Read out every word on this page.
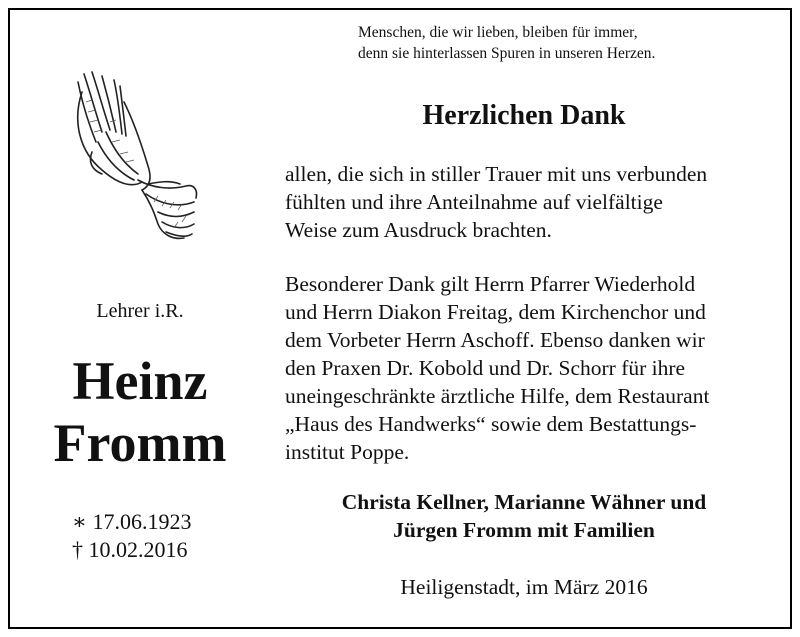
Menschen, die wir lieben, bleiben für immer,
denn sie hinterlassen Spuren in unseren Herzen.
Lehrer i.R.
Heinz
Fromm
∗ 17.06.1923
† 10.02.2016
Herzlichen Dank
allen, die sich in stiller Trauer mit uns verbunden
fühlten und ihre Anteilnahme auf vielfältige
Weise zum Ausdruck brachten.
Besonderer Dank gilt Herrn Pfarrer Wiederhold
und Herrn Diakon Freitag, dem Kirchenchor und
dem Vorbeter Herrn Aschoff. Ebenso danken wir
den Praxen Dr. Kobold und Dr. Schorr für ihre
uneingeschränkte ärztliche Hilfe, dem Restaurant
„Haus des Handwerks“ sowie dem Bestattungs-
institut Poppe.
Christa Kellner, Marianne Wähner und
Jürgen Fromm mit Familien
Heiligenstadt, im März 2016
